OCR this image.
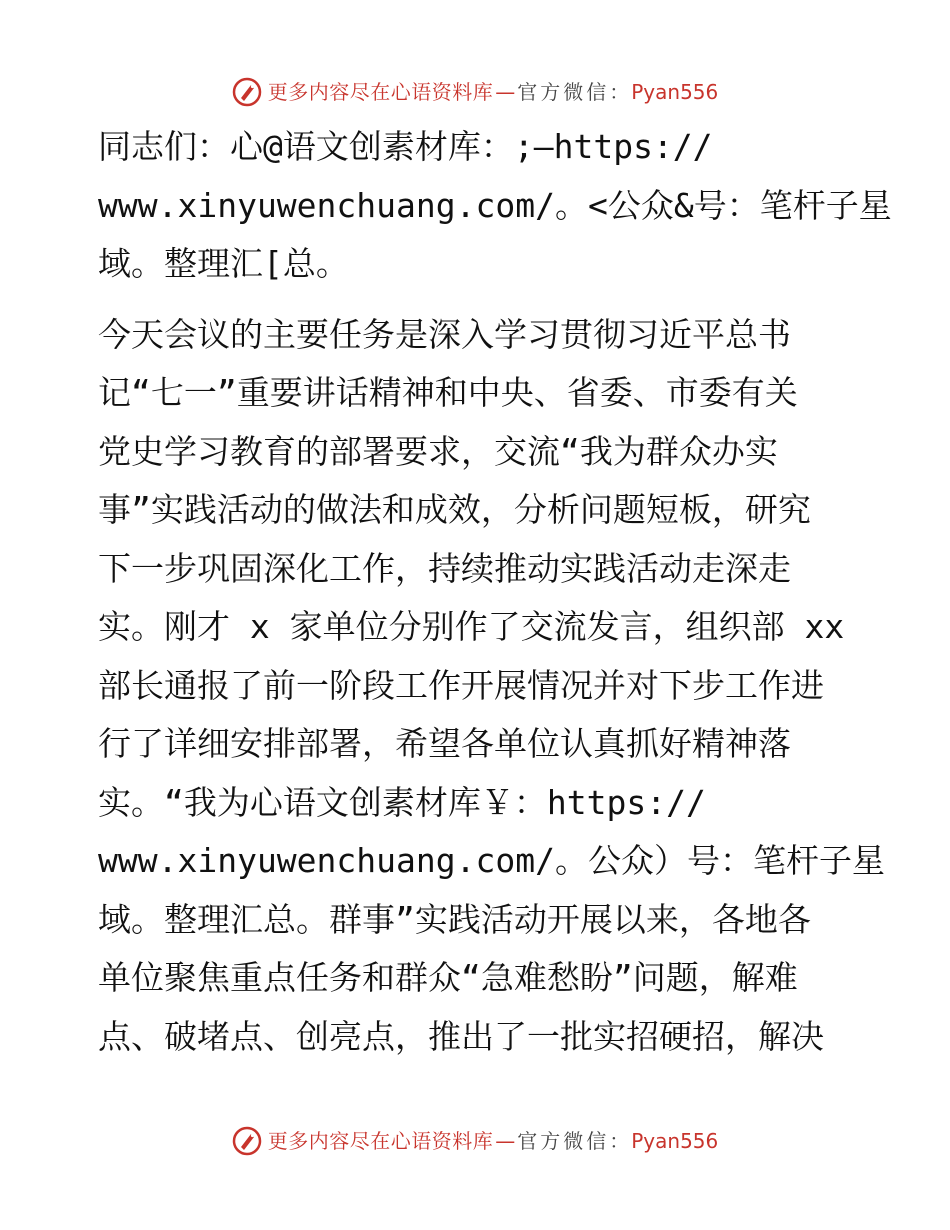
更多内容尽在心语资料库 — 官方微信 ： Pyan556

同志们：心@语文创素材库：;—https://
www.xinyuwenchuang.com/。<公众&号：笔杆子星
域。整理汇[总。

今天会议的主要任务是深入学习贯彻习近平总书
记“七一”重要讲话精神和中央、省委、市委有关
党史学习教育的部署要求，交流“我为群众办实
事”实践活动的做法和成效，分析问题短板，研究
下一步巩固深化工作，持续推动实践活动走深走
实。刚才 x 家单位分别作了交流发言，组织部 xx
部长通报了前一阶段工作开展情况并对下步工作进
行了详细安排部署，希望各单位认真抓好精神落
实。“我为心语文创素材库￥：https://
www.xinyuwenchuang.com/。公众）号：笔杆子星
域。整理汇总。群事”实践活动开展以来，各地各
单位聚焦重点任务和群众“急难愁盼”问题，解难
点、破堵点、创亮点，推出了一批实招硬招，解决

更多内容尽在心语资料库 — 官方微信 ： Pyan556
